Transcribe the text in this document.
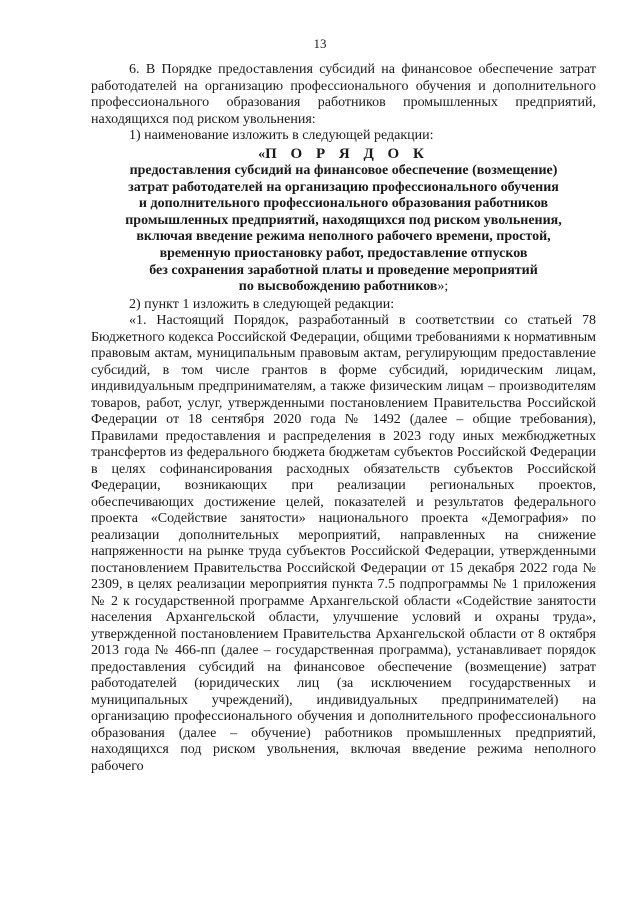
13

6. В Порядке предоставления субсидий на финансовое обеспечение затрат работодателей на организацию профессионального обучения и дополнительного профессионального образования работников промышленных предприятий, находящихся под риском увольнения:

1) наименование изложить в следующей редакции:

«П О Р Я Д О К
предоставления субсидий на финансовое обеспечение (возмещение)
затрат работодателей на организацию профессионального обучения
и дополнительного профессионального образования работников
промышленных предприятий, находящихся под риском увольнения,
включая введение режима неполного рабочего времени, простой,
временную приостановку работ, предоставление отпусков
без сохранения заработной платы и проведение мероприятий
по высвобождению работников»;

2) пункт 1 изложить в следующей редакции:

«1. Настоящий Порядок, разработанный в соответствии со статьей 78 Бюджетного кодекса Российской Федерации, общими требованиями к нормативным правовым актам, муниципальным правовым актам, регулирующим предоставление субсидий, в том числе грантов в форме субсидий, юридическим лицам, индивидуальным предпринимателям, а также физическим лицам – производителям товаров, работ, услуг, утвержденными постановлением Правительства Российской Федерации от 18 сентября 2020 года № 1492 (далее – общие требования), Правилами предоставления и распределения в 2023 году иных межбюджетных трансфертов из федерального бюджета бюджетам субъектов Российской Федерации в целях софинансирования расходных обязательств субъектов Российской Федерации, возникающих при реализации региональных проектов, обеспечивающих достижение целей, показателей и результатов федерального проекта «Содействие занятости» национального проекта «Демография» по реализации дополнительных мероприятий, направленных на снижение напряженности на рынке труда субъектов Российской Федерации, утвержденными постановлением Правительства Российской Федерации от 15 декабря 2022 года № 2309, в целях реализации мероприятия пункта 7.5 подпрограммы № 1 приложения № 2 к государственной программе Архангельской области «Содействие занятости населения Архангельской области, улучшение условий и охраны труда», утвержденной постановлением Правительства Архангельской области от 8 октября 2013 года № 466-пп (далее – государственная программа), устанавливает порядок предоставления субсидий на финансовое обеспечение (возмещение) затрат работодателей (юридических лиц (за исключением государственных и муниципальных учреждений), индивидуальных предпринимателей) на организацию профессионального обучения и дополнительного профессионального образования (далее – обучение) работников промышленных предприятий, находящихся под риском увольнения, включая введение режима неполного рабочего
